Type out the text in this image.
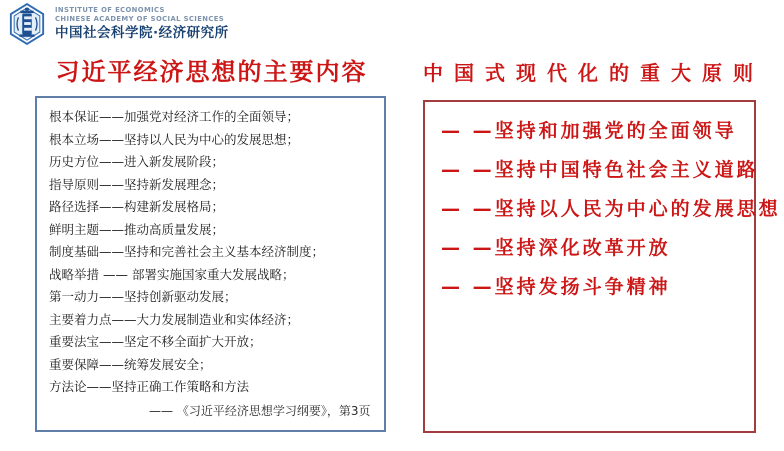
INSTITUTE OF ECONOMICS
CHINESE ACADEMY OF SOCIAL SCIENCES
中国社会科学院·经济研究所
习近平经济思想的主要内容	中国式现代化的重大原则
根本保证——加强党对经济工作的全面领导；
根本立场——坚持以人民为中心的发展思想；
历史方位——进入新发展阶段；
指导原则——坚持新发展理念；
路径选择——构建新发展格局；
鲜明主题——推动高质量发展；
制度基础——坚持和完善社会主义基本经济制度；
战略举措 —— 部署实施国家重大发展战略；
第一动力——坚持创新驱动发展；
主要着力点——大力发展制造业和实体经济；
重要法宝——坚定不移全面扩大开放；
重要保障——统筹发展安全；
方法论——坚持正确工作策略和方法
—— 《习近平经济思想学习纲要》，第3页
— —坚持和加强党的全面领导
— —坚持中国特色社会主义道路
— —坚持以人民为中心的发展思想
— —坚持深化改革开放
— —坚持发扬斗争精神
